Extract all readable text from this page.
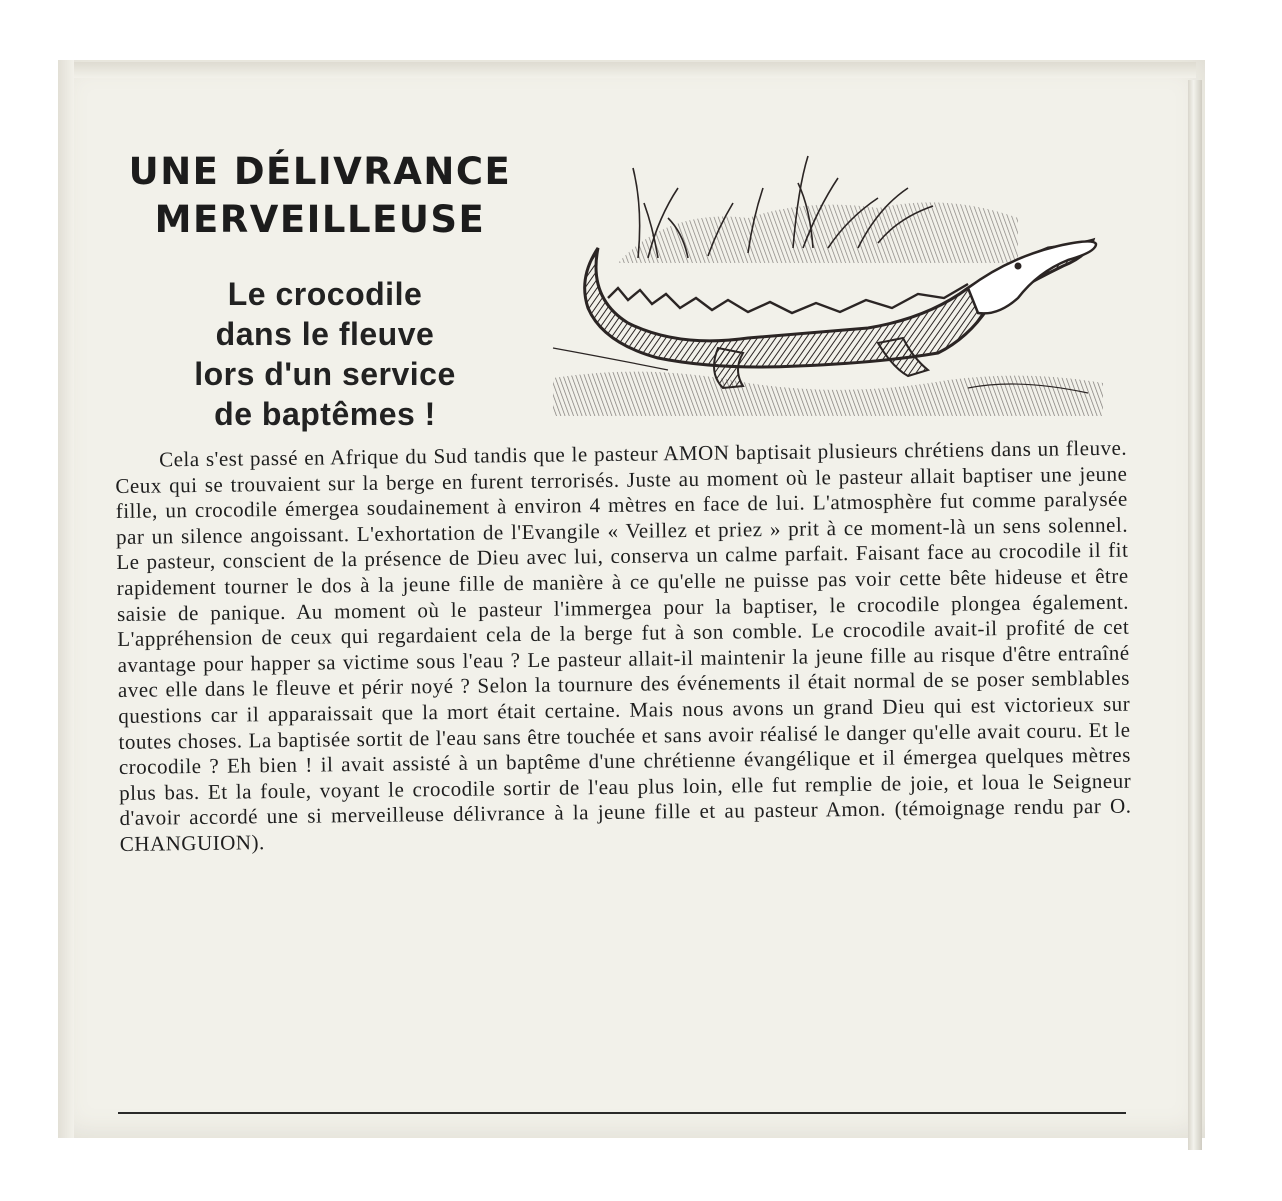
UNE DÉLIVRANCE
MERVEILLEUSE
Le crocodile
dans le fleuve
lors d'un service
de baptêmes !

Cela s'est passé en Afrique du Sud tandis que le pasteur AMON baptisait plusieurs chrétiens dans un fleuve. Ceux qui se trouvaient sur la berge en furent terrorisés. Juste au moment où le pasteur allait baptiser une jeune fille, un crocodile émergea soudainement à environ 4 mètres en face de lui. L'atmosphère fut comme paralysée par un silence angoissant. L'exhortation de l'Evangile « Veillez et priez » prit à ce moment-là un sens solennel. Le pasteur, conscient de la présence de Dieu avec lui, conserva un calme parfait. Faisant face au crocodile il fit rapidement tourner le dos à la jeune fille de manière à ce qu'elle ne puisse pas voir cette bête hideuse et être saisie de panique. Au moment où le pasteur l'immergea pour la baptiser, le crocodile plongea également. L'appréhension de ceux qui regardaient cela de la berge fut à son comble. Le crocodile avait-il profité de cet avantage pour happer sa victime sous l'eau ? Le pasteur allait-il maintenir la jeune fille au risque d'être entraîné avec elle dans le fleuve et périr noyé ? Selon la tournure des événements il était normal de se poser semblables questions car il apparaissait que la mort était certaine. Mais nous avons un grand Dieu qui est victorieux sur toutes choses. La baptisée sortit de l'eau sans être touchée et sans avoir réalisé le danger qu'elle avait couru. Et le crocodile ? Eh bien ! il avait assisté à un baptême d'une chrétienne évangélique et il émergea quelques mètres plus bas. Et la foule, voyant le crocodile sortir de l'eau plus loin, elle fut remplie de joie, et loua le Seigneur d'avoir accordé une si merveilleuse délivrance à la jeune fille et au pasteur Amon. (témoignage rendu par O. CHANGUION).
